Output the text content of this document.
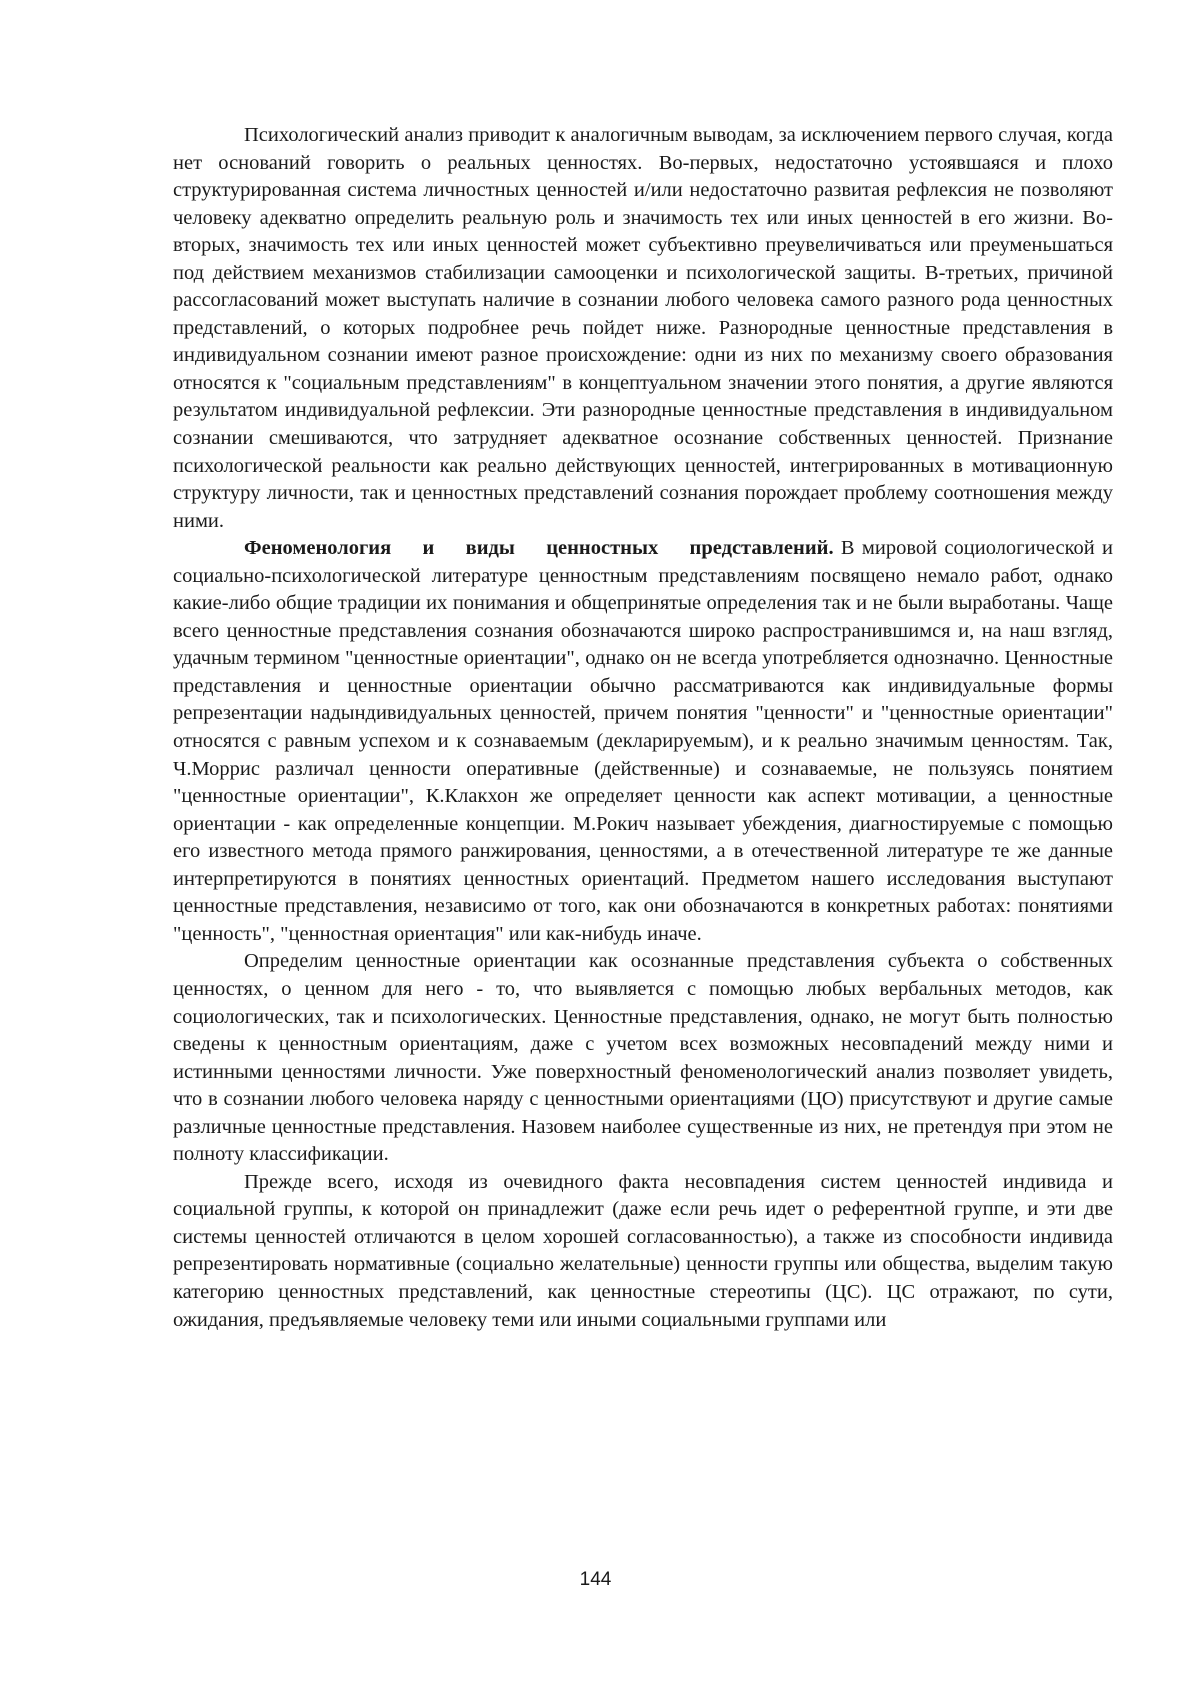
Психологический анализ приводит к аналогичным выводам, за исключением первого случая, когда нет оснований говорить о реальных ценностях. Во-первых, недостаточно устоявшаяся и плохо структурированная система личностных ценностей и/или недостаточно развитая рефлексия не позволяют человеку адекватно определить реальную роль и значимость тех или иных ценностей в его жизни. Во-вторых, значимость тех или иных ценностей может субъективно преувеличиваться или преуменьшаться под действием механизмов стабилизации самооценки и психологической защиты. В-третьих, причиной рассогласований может выступать наличие в сознании любого человека самого разного рода ценностных представлений, о которых подробнее речь пойдет ниже. Разнородные ценностные представления в индивидуальном сознании имеют разное происхождение: одни из них по механизму своего образования относятся к "социальным представлениям" в концептуальном значении этого понятия, а другие являются результатом индивидуальной рефлексии. Эти разнородные ценностные представления в индивидуальном сознании смешиваются, что затрудняет адекватное осознание собственных ценностей. Признание психологической реальности как реально действующих ценностей, интегрированных в мотивационную структуру личности, так и ценностных представлений сознания порождает проблему соотношения между ними.

Феноменология и виды ценностных представлений. В мировой социологической и социально-психологической литературе ценностным представлениям посвящено немало работ, однако какие-либо общие традиции их понимания и общепринятые определения так и не были выработаны. Чаще всего ценностные представления сознания обозначаются широко распространившимся и, на наш взгляд, удачным термином "ценностные ориентации", однако он не всегда употребляется однозначно. Ценностные представления и ценностные ориентации обычно рассматриваются как индивидуальные формы репрезентации надындивидуальных ценностей, причем понятия "ценности" и "ценностные ориентации" относятся с равным успехом и к сознаваемым (декларируемым), и к реально значимым ценностям. Так, Ч.Моррис различал ценности оперативные (действенные) и сознаваемые, не пользуясь понятием "ценностные ориентации", К.Клакхон же определяет ценности как аспект мотивации, а ценностные ориентации - как определенные концепции. М.Рокич называет убеждения, диагностируемые с помощью его известного метода прямого ранжирования, ценностями, а в отечественной литературе те же данные интерпретируются в понятиях ценностных ориентаций. Предметом нашего исследования выступают ценностные представления, независимо от того, как они обозначаются в конкретных работах: понятиями "ценность", "ценностная ориентация" или как-нибудь иначе.

Определим ценностные ориентации как осознанные представления субъекта о собственных ценностях, о ценном для него - то, что выявляется с помощью любых вербальных методов, как социологических, так и психологических. Ценностные представления, однако, не могут быть полностью сведены к ценностным ориентациям, даже с учетом всех возможных несовпадений между ними и истинными ценностями личности. Уже поверхностный феноменологический анализ позволяет увидеть, что в сознании любого человека наряду с ценностными ориентациями (ЦО) присутствуют и другие самые различные ценностные представления. Назовем наиболее существенные из них, не претендуя при этом не полноту классификации.

Прежде всего, исходя из очевидного факта несовпадения систем ценностей индивида и социальной группы, к которой он принадлежит (даже если речь идет о референтной группе, и эти две системы ценностей отличаются в целом хорошей согласованностью), а также из способности индивида репрезентировать нормативные (социально желательные) ценности группы или общества, выделим такую категорию ценностных представлений, как ценностные стереотипы (ЦС). ЦС отражают, по сути, ожидания, предъявляемые человеку теми или иными социальными группами или

144
